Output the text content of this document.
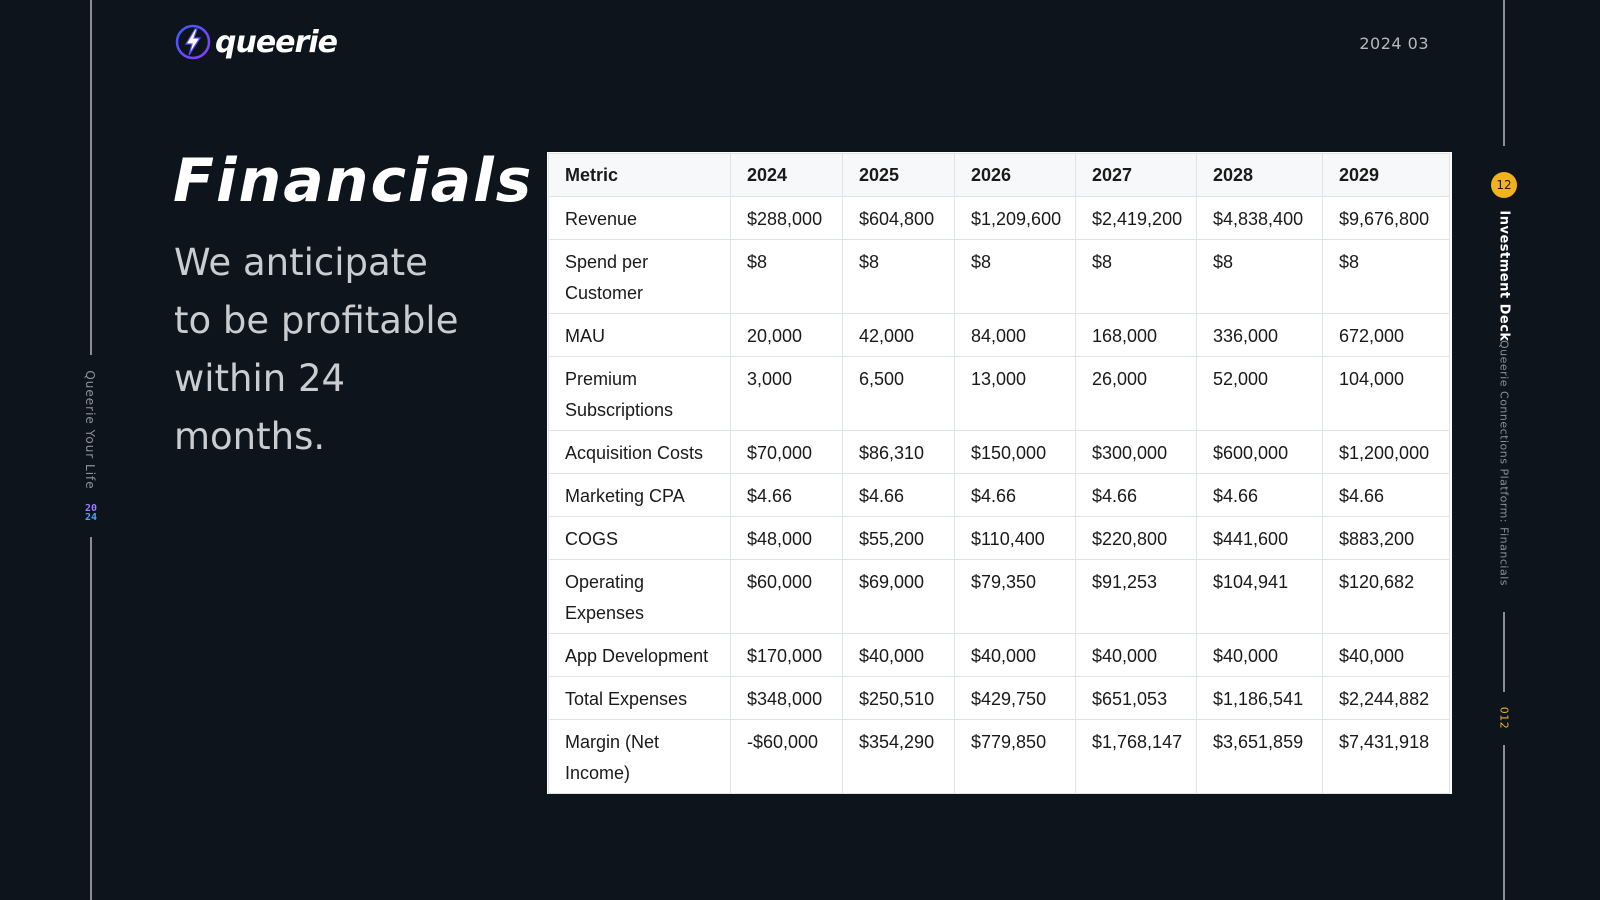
Queerie Your Life
20
24
queerie	2024 03
Financials

We anticipate to be profitable within 24 months.

Metric	2024	2025	2026	2027	2028	2029
Revenue	$288,000	$604,800	$1,209,600	$2,419,200	$4,838,400	$9,676,800
Spend per Customer	$8	$8	$8	$8	$8	$8
MAU	20,000	42,000	84,000	168,000	336,000	672,000
Premium Subscriptions	3,000	6,500	13,000	26,000	52,000	104,000
Acquisition Costs	$70,000	$86,310	$150,000	$300,000	$600,000	$1,200,000
Marketing CPA	$4.66	$4.66	$4.66	$4.66	$4.66	$4.66
COGS	$48,000	$55,200	$110,400	$220,800	$441,600	$883,200
Operating Expenses	$60,000	$69,000	$79,350	$91,253	$104,941	$120,682
App Development	$170,000	$40,000	$40,000	$40,000	$40,000	$40,000
Total Expenses	$348,000	$250,510	$429,750	$651,053	$1,186,541	$2,244,882
Margin (Net Income)	-$60,000	$354,290	$779,850	$1,768,147	$3,651,859	$7,431,918
12
Investment Deck
Queerie Connections Platform: Financials
012
